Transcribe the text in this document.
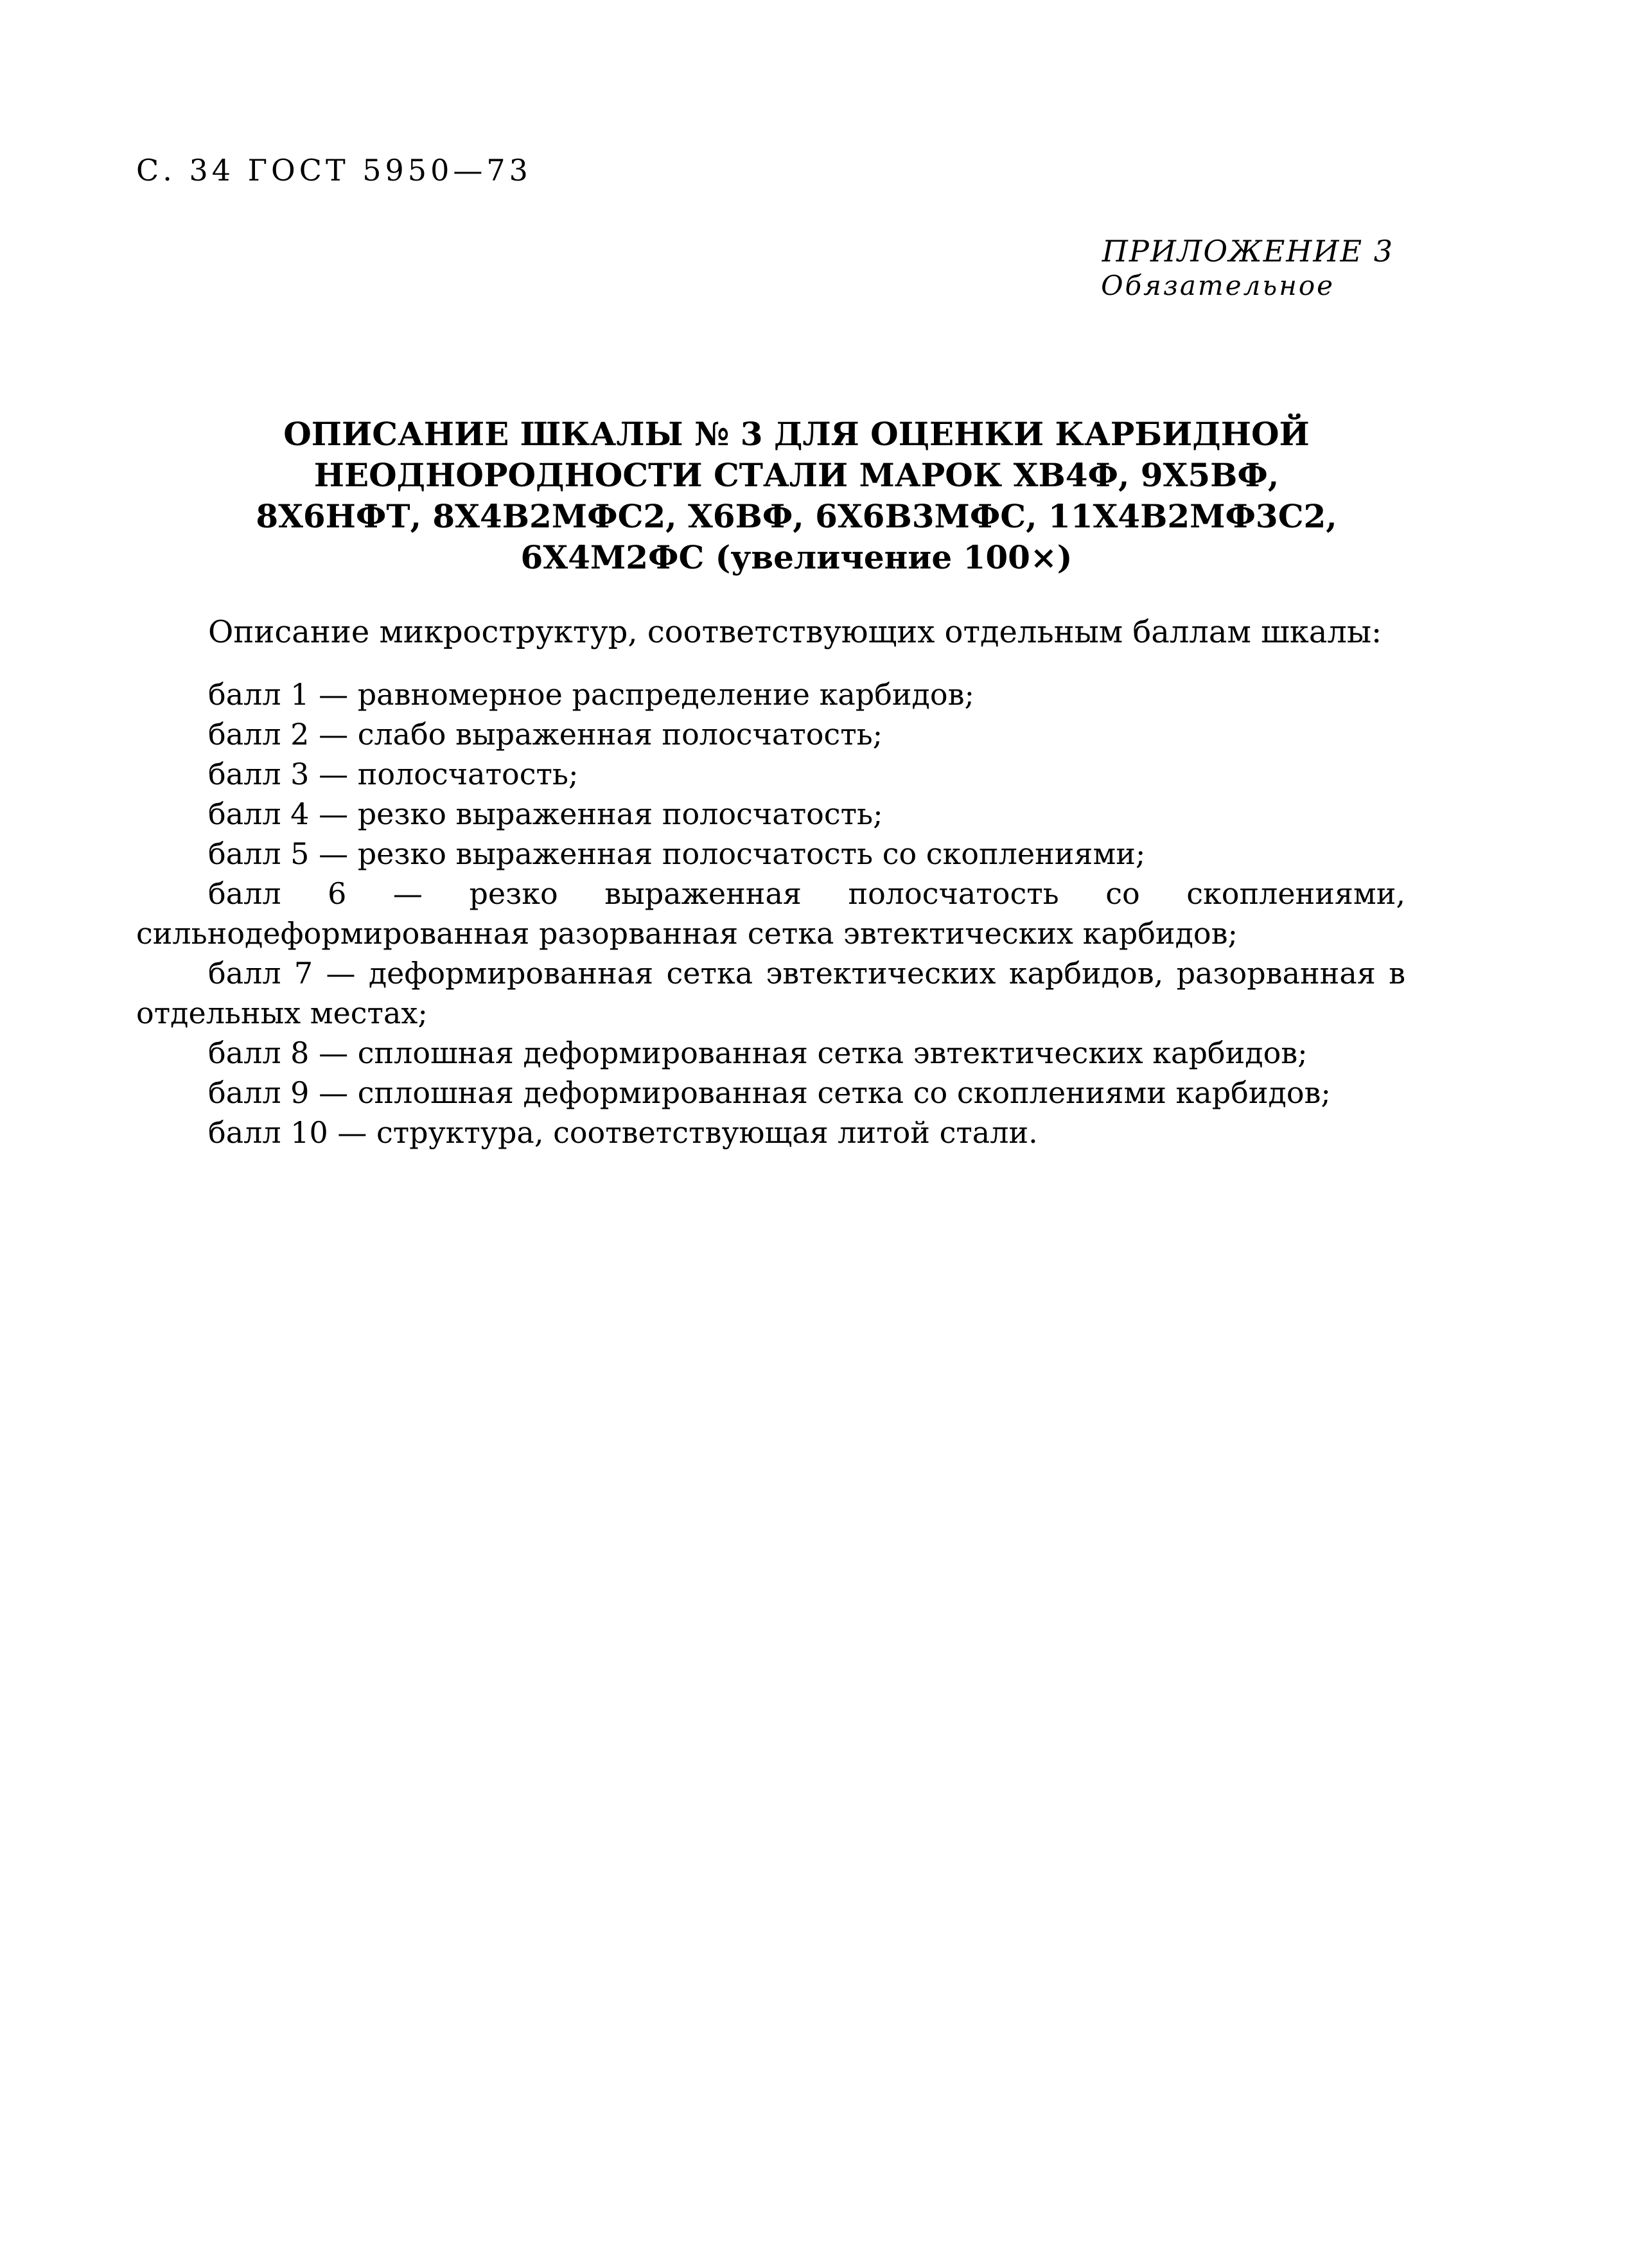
С. 34 ГОСТ 5950—73
ПРИЛОЖЕНИЕ 3
Обязательное
ОПИСАНИЕ ШКАЛЫ № 3 ДЛЯ ОЦЕНКИ КАРБИДНОЙ
НЕОДНОРОДНОСТИ СТАЛИ МАРОК ХВ4Ф, 9Х5ВФ,
8Х6НФТ, 8Х4В2МФС2, Х6ВФ, 6Х6В3МФС, 11Х4В2МФ3С2,
6Х4М2ФС (увеличение 100×)
Описание микроструктур, соответствующих отдельным баллам шкалы:
балл 1 — равномерное распределение карбидов;
балл 2 — слабо выраженная полосчатость;
балл 3 — полосчатость;
балл 4 — резко выраженная полосчатость;
балл 5 — резко выраженная полосчатость со скоплениями;
балл 6 — резко выраженная полосчатость со скоплениями, сильнодеформированная разорванная сетка эвтектических карбидов;
балл 7 — деформированная сетка эвтектических карбидов, разорванная в отдельных местах;
балл 8 — сплошная деформированная сетка эвтектических карбидов;
балл 9 — сплошная деформированная сетка со скоплениями карбидов;
балл 10 — структура, соответствующая литой стали.
